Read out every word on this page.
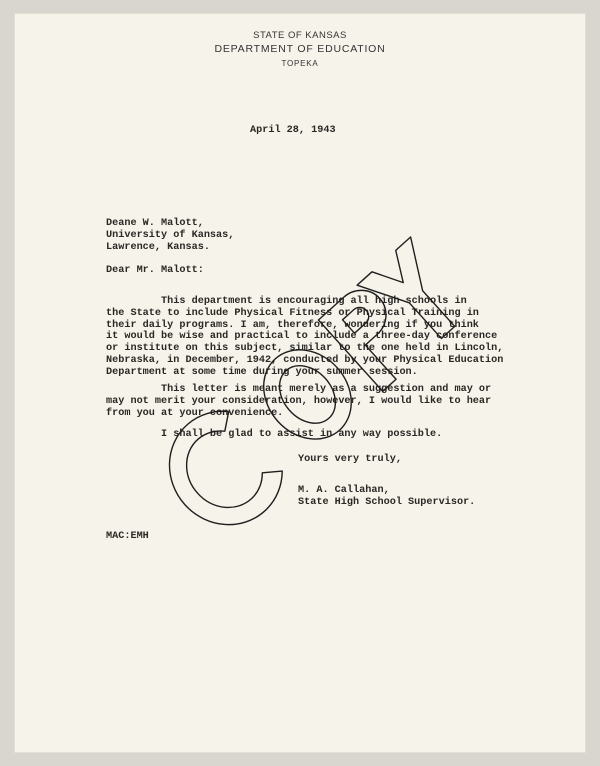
STATE OF KANSAS
DEPARTMENT OF EDUCATION
TOPEKA
April 28, 1943
Deane W. Malott,
University of Kansas,
Lawrence, Kansas.
Dear Mr. Malott:
This department is encouraging all high schools in
the State to include Physical Fitness or Physical Training in
their daily programs. I am, therefore, wondering if you think
it would be wise and practical to include a three-day conference
or institute on this subject, similar to the one held in Lincoln,
Nebraska, in December, 1942, conducted by your Physical Education
Department at some time during your summer session.
This letter is meant merely as a suggestion and may or
may not merit your consideration, however, I would like to hear
from you at your convenience.
I shall be glad to assist in any way possible.
Yours very truly,
M. A. Callahan,
State High School Supervisor.
MAC:EMH
